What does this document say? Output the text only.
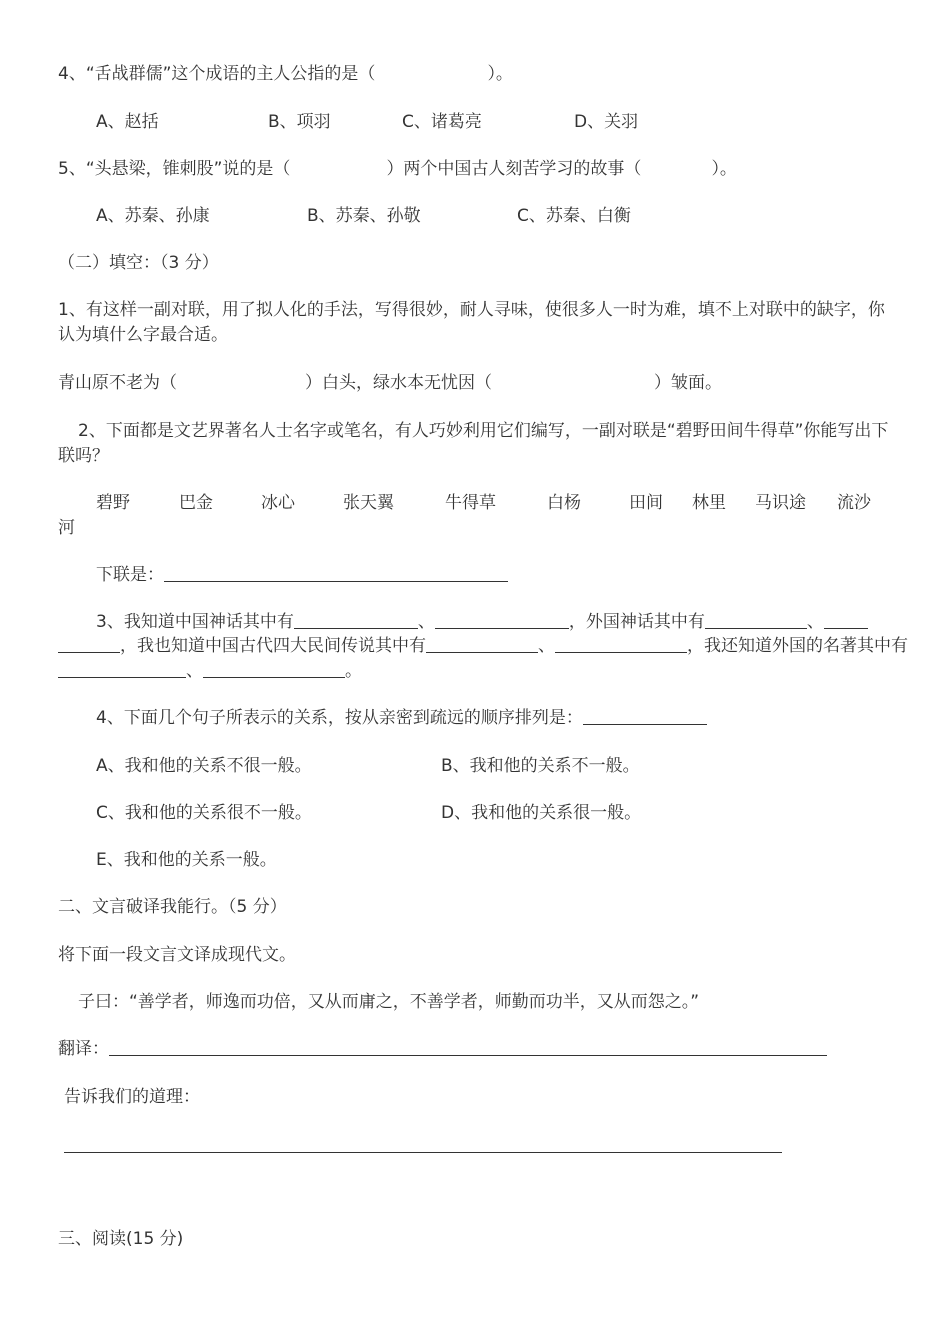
4、“舌战群儒”这个成语的主人公指的是（	）。
A、赵括	B、项羽	C、诸葛亮	D、关羽
5、“头悬梁，锥刺股”说的是（	）两个中国古人刻苦学习的故事（	）。
A、苏秦、孙康	B、苏秦、孙敬	C、苏秦、白衡
（二）填空：（3 分）
1、有这样一副对联，用了拟人化的手法，写得很妙，耐人寻味，使很多人一时为难，填不上对联中的缺字，你认为填什么字最合适。
青山原不老为（	）白头，绿水本无忧因（	）皱面。
2、下面都是文艺界著名人士名字或笔名，有人巧妙利用它们编写，一副对联是“碧野田间牛得草”你能写出下联吗？
碧野	巴金	冰心	张天翼	牛得草	白杨	田间 林里 马识途 流沙
河
下联是：
3、我知道中国神话其中有	、	，外国神话其中有	、
，我也知道中国古代四大民间传说其中有	、	，我还知道外国的名著其中有
、	。
4、下面几个句子所表示的关系，按从亲密到疏远的顺序排列是：
A、我和他的关系不很一般。	B、我和他的关系不一般。
C、我和他的关系很不一般。	D、我和他的关系很一般。
E、我和他的关系一般。
二、文言破译我能行。（5 分）
将下面一段文言文译成现代文。
子曰：“善学者，师逸而功倍，又从而庸之，不善学者，师勤而功半，又从而怨之。”
翻译：
告诉我们的道理：
三、阅读(15 分)
